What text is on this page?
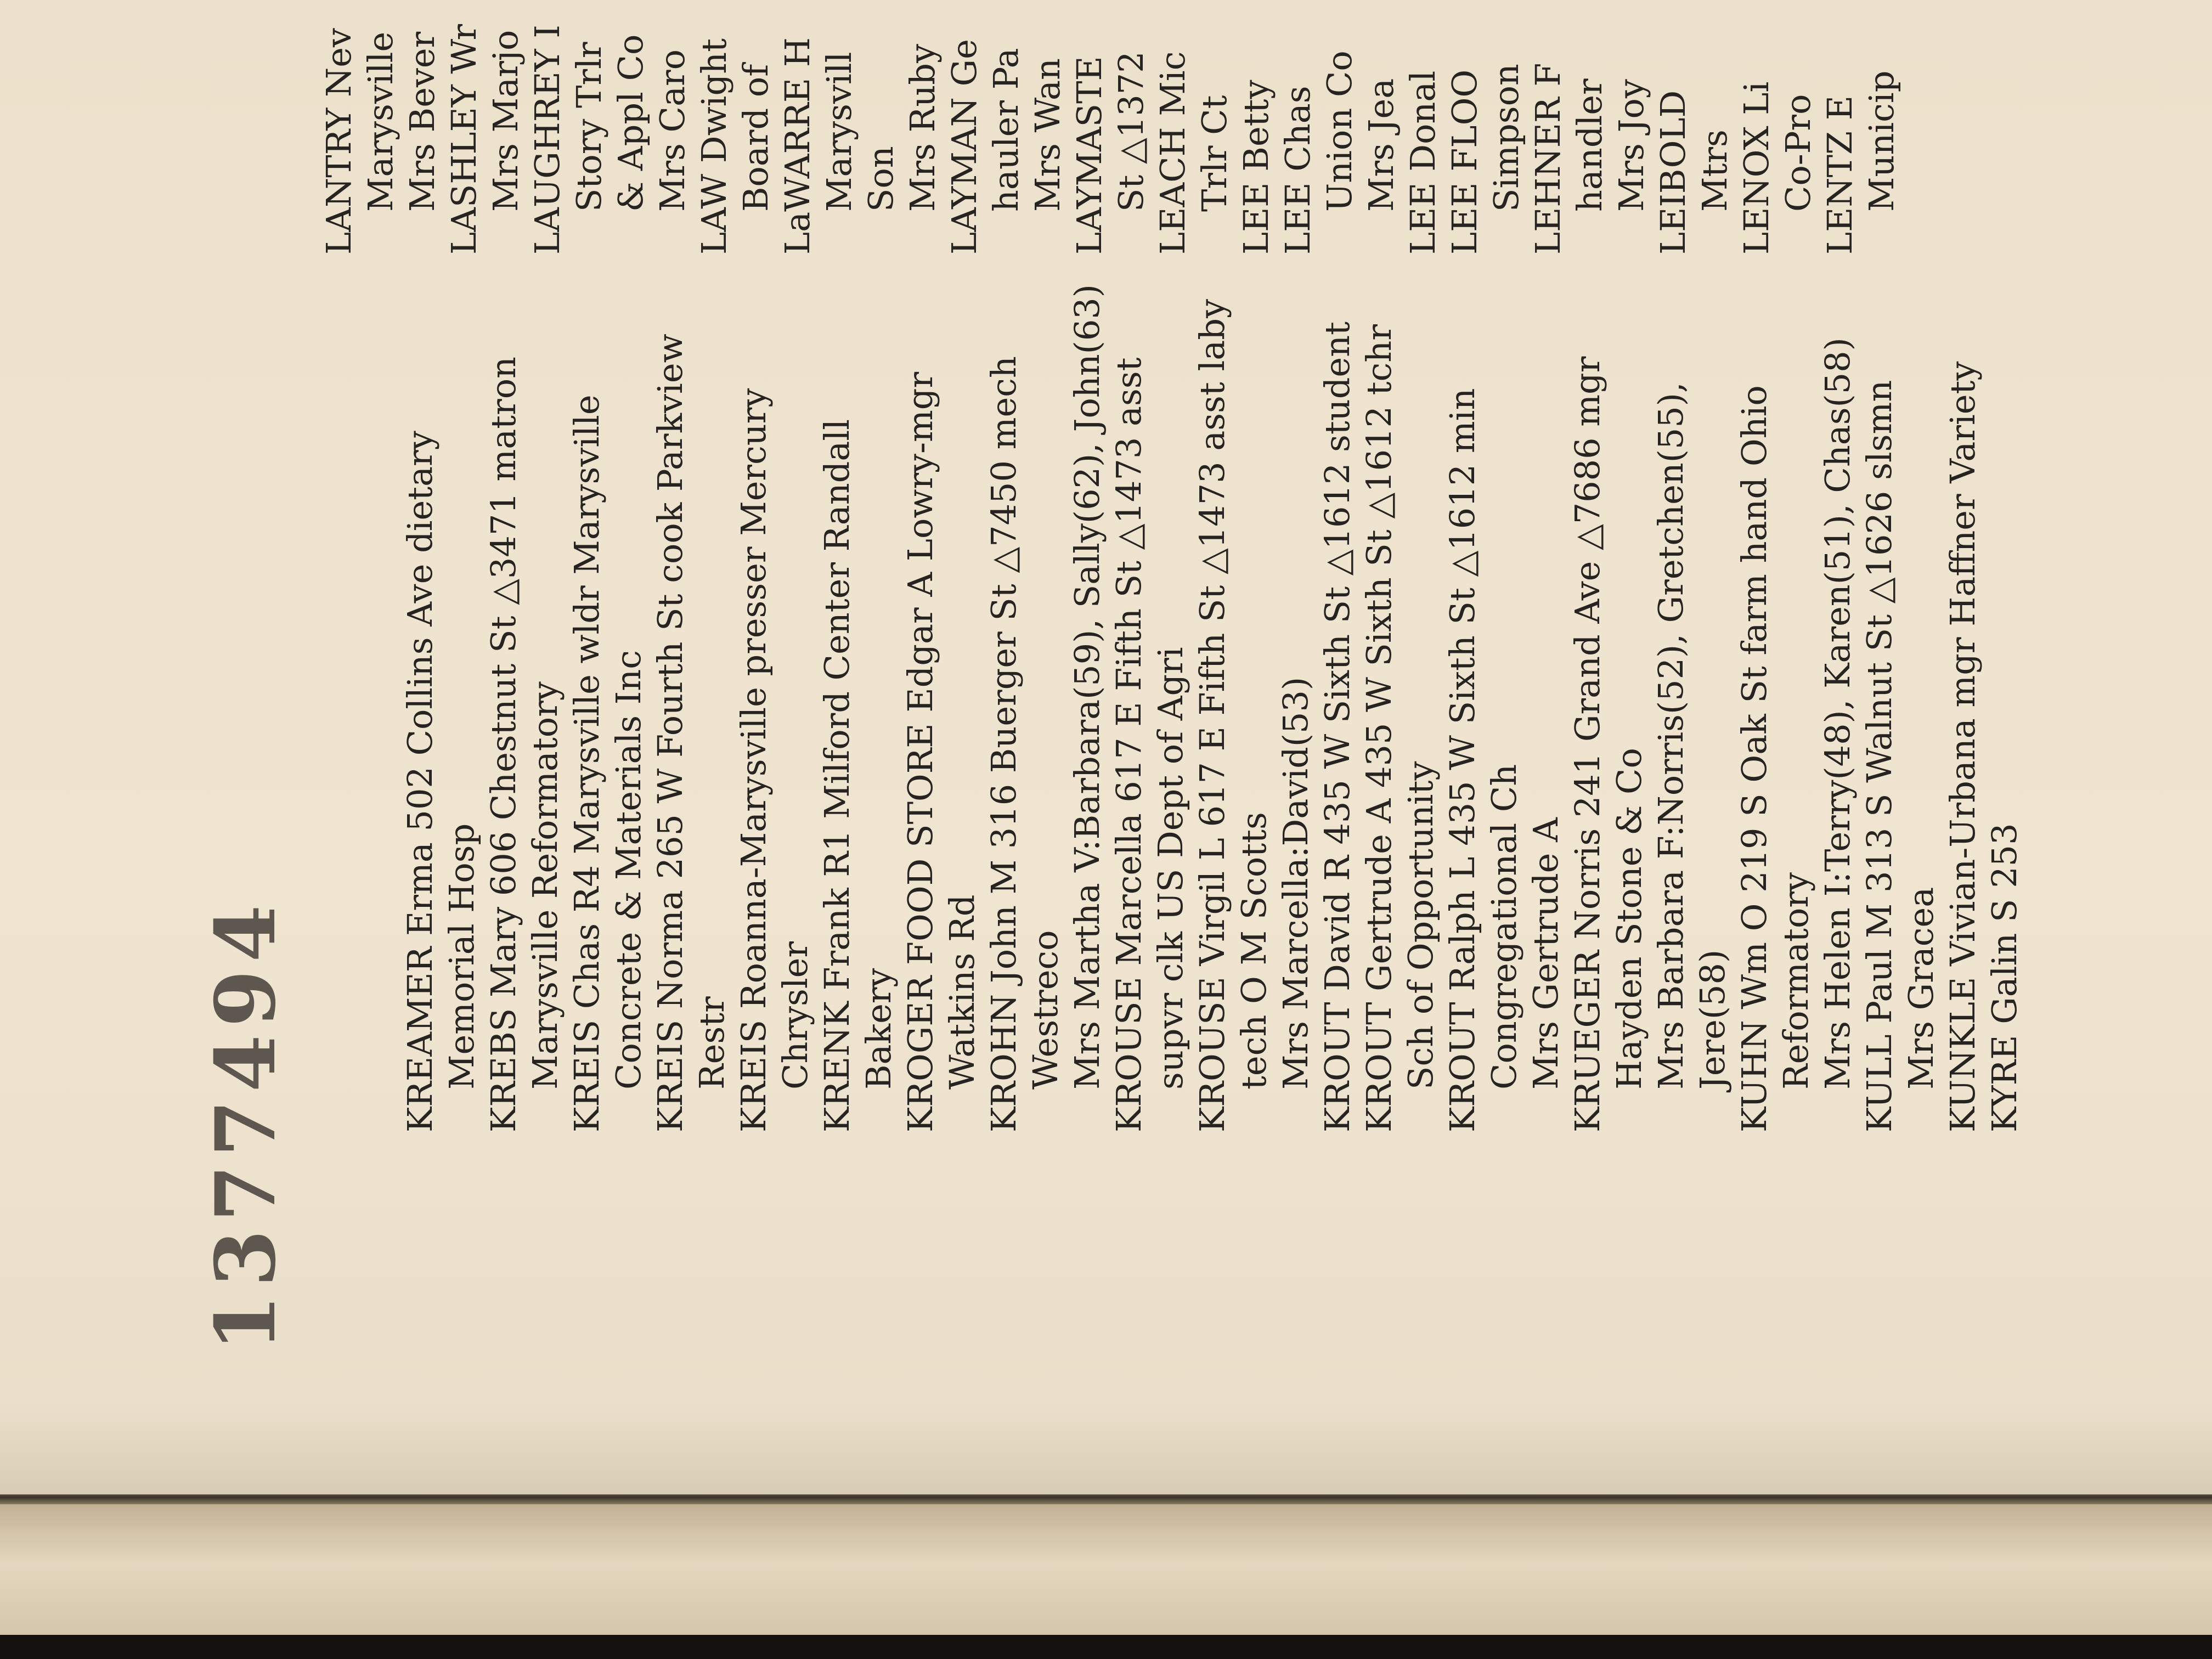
1377494	KREAMER Erma 502 Collins Ave dietary Memorial Hosp KREBS Mary 606 Chestnut St △3471 matron Marysville Reformatory KREIS Chas R4 Marysville wldr Marysville Concrete & Materials Inc KREIS Norma 265 W Fourth St cook Parkview Restr KREIS Roanna-Marysville presser Mercury Chrysler KRENK Frank R1 Milford Center Randall Bakery KROGER FOOD STORE Edgar A Lowry-mgr Watkins Rd KROHN John M 316 Buerger St △7450 mech Westreco Mrs Martha V:Barbara(59), Sally(62), John(63) KROUSE Marcella 617 E Fifth St △1473 asst supvr clk US Dept of Agri KROUSE Virgil L 617 E Fifth St △1473 asst laby tech O M Scotts Mrs Marcella:David(53) KROUT David R 435 W Sixth St △1612 student KROUT Gertrude A 435 W Sixth St △1612 tchr Sch of Opportunity KROUT Ralph L 435 W Sixth St △1612 min Congregational Ch Mrs Gertrude A KRUEGER Norris 241 Grand Ave △7686 mgr Hayden Stone & Co Mrs Barbara F:Norris(52), Gretchen(55), Jere(58) KUHN Wm O 219 S Oak St farm hand Ohio Reformatory Mrs Helen I:Terry(48), Karen(51), Chas(58) KULL Paul M 313 S Walnut St △1626 slsmn Mrs Gracea KUNKLE Vivian-Urbana mgr Haffner Variety KYRE Galin S 253
LANTRY Nev Marysville Mrs Bever LASHLEY Wr Mrs Marjo LAUGHREY I Story Trlr & Appl Co Mrs Caro LAW Dwight Board of LaWARRE H Marysvill Son Mrs Ruby LAYMAN Ge hauler Pa Mrs Wan LAYMASTE St △1372 LEACH Mic Trlr Ct LEE Betty LEE Chas Union Co Mrs Jea LEE Donal LEE FLOO Simpson LEHNER F handler Mrs Joy LEIBOLD Mtrs LENOX Li Co-Pro LENTZ E Municip
